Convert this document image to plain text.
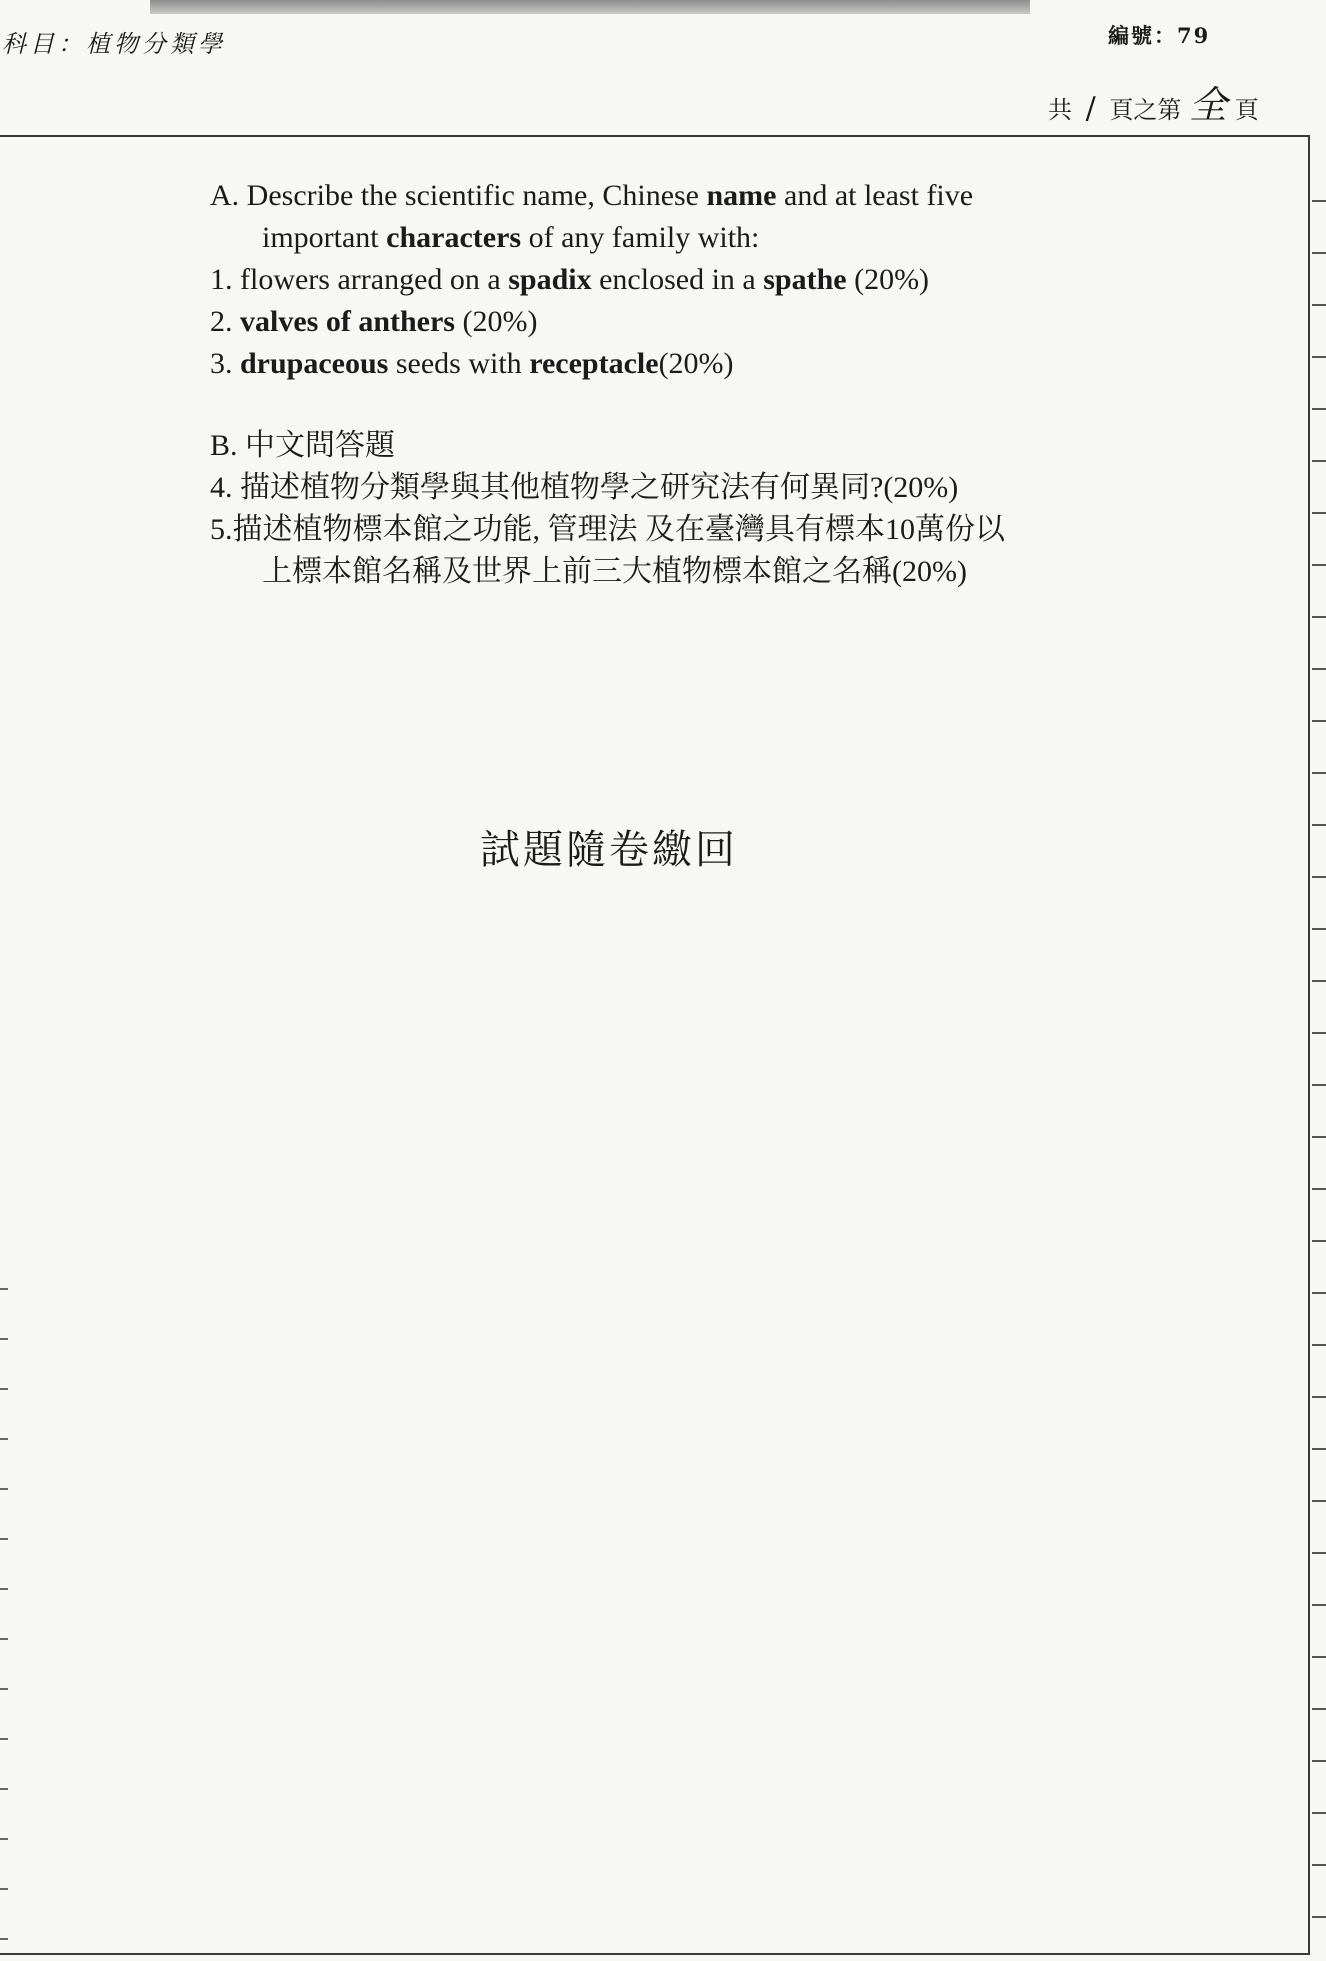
科目：植物分類學	編號：79
共 / 頁之第 全 頁
A. Describe the scientific name, Chinese name and at least five
important characters of any family with:
1. flowers arranged on a spadix enclosed in a spathe (20%)
2. valves of anthers (20%)
3. drupaceous seeds with receptacle(20%)
B. 中文問答題
4. 描述植物分類學與其他植物學之研究法有何異同?(20%)
5.描述植物標本館之功能, 管理法 及在臺灣具有標本10萬份以
上標本館名稱及世界上前三大植物標本館之名稱(20%)
試題隨卷繳回
